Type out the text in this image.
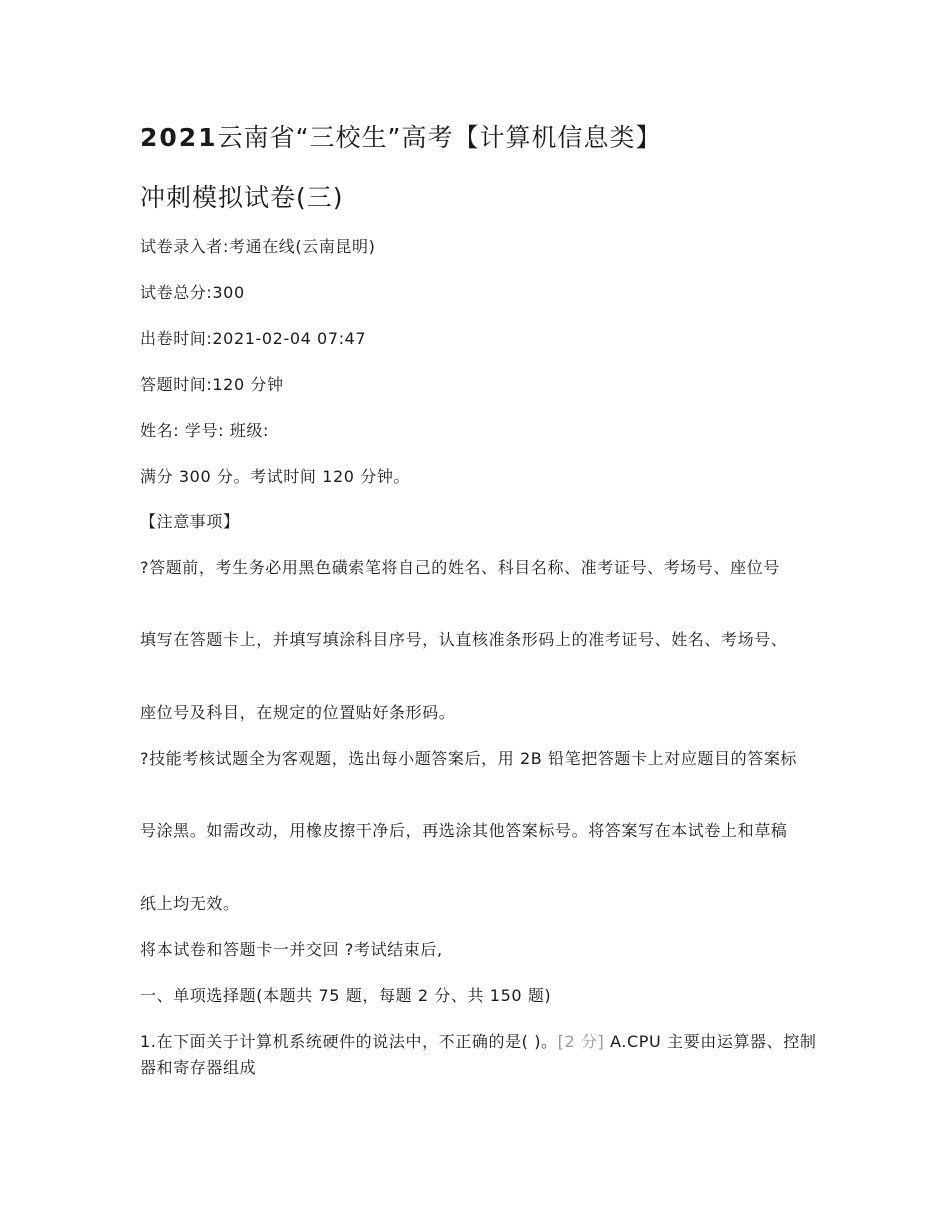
2021云南省“三校生”高考【计算机信息类】
冲刺模拟试卷(三)

试卷录入者:考通在线(云南昆明)

试卷总分:300

出卷时间:2021-02-04 07:47

答题时间:120 分钟

姓名: 学号: 班级:

满分 300 分。考试时间 120 分钟。

【注意事项】

?答题前，考生务必用黑色磺索笔将自己的姓名、科目名称、准考证号、考场号、座位号

填写在答题卡上，并填写填涂科目序号，认直核准条形码上的准考证号、姓名、考场号、

座位号及科目，在规定的位置贴好条形码。

?技能考核试题全为客观题，选出每小题答案后，用 2B 铅笔把答题卡上对应题目的答案标

号涂黑。如需改动，用橡皮擦干净后，再选涂其他答案标号。将答案写在本试卷上和草稿

纸上均无效。

将本试卷和答题卡一并交回 ?考试结束后,

一、单项选择题(本题共 75 题，每题 2 分、共 150 题)

1.在下面关于计算机系统硬件的说法中，不正确的是( )。[2 分] A.CPU 主要由运算器、控制器和寄存器组成
